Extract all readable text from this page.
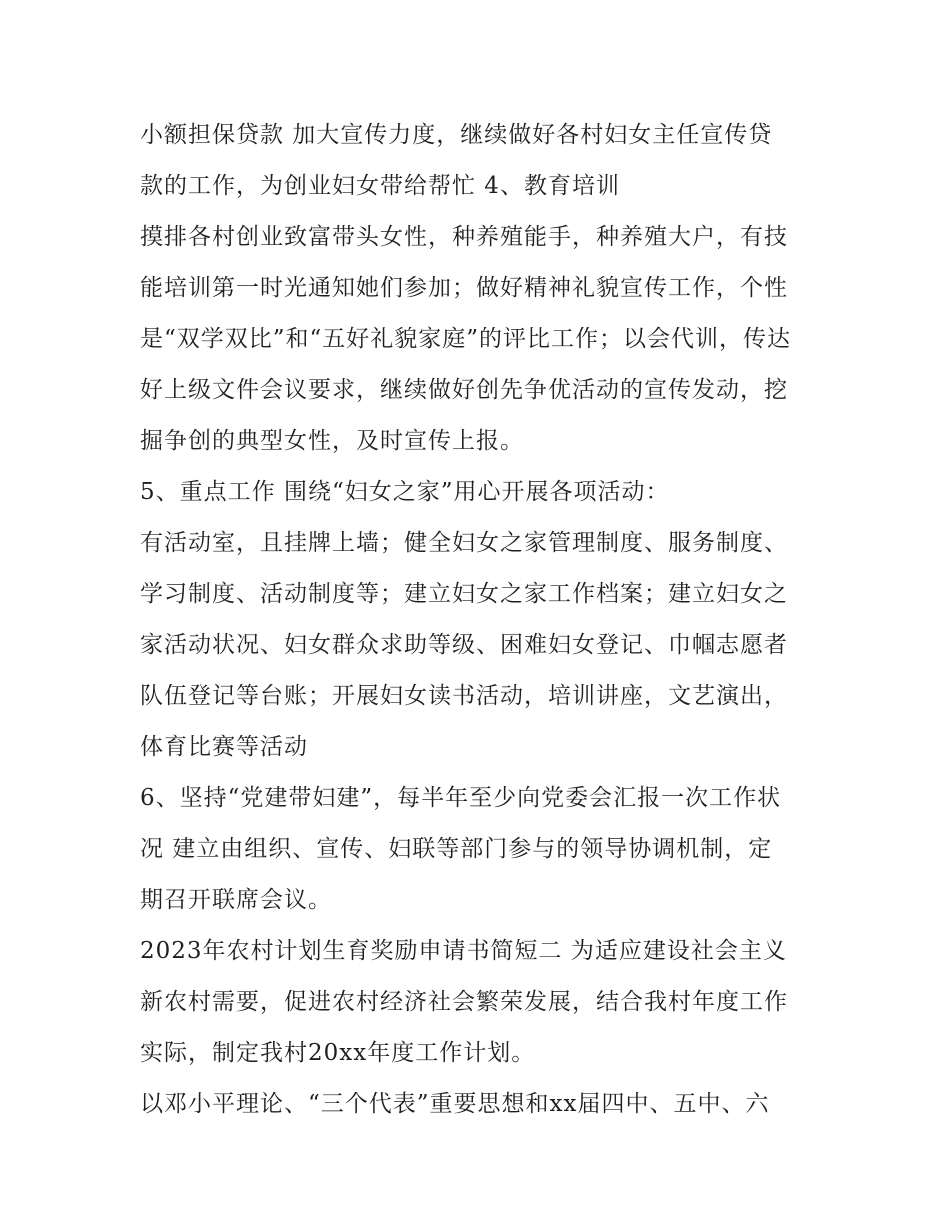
小额担保贷款 加大宣传力度，继续做好各村妇女主任宣传贷
款的工作，为创业妇女带给帮忙 4、教育培训
摸排各村创业致富带头女性，种养殖能手，种养殖大户，有技
能培训第一时光通知她们参加；做好精神礼貌宣传工作，个性
是“双学双比”和“五好礼貌家庭”的评比工作；以会代训，传达
好上级文件会议要求，继续做好创先争优活动的宣传发动，挖
掘争创的典型女性，及时宣传上报。
5、重点工作 围绕“妇女之家”用心开展各项活动：
有活动室，且挂牌上墙；健全妇女之家管理制度、服务制度、
学习制度、活动制度等；建立妇女之家工作档案；建立妇女之
家活动状况、妇女群众求助等级、困难妇女登记、巾帼志愿者
队伍登记等台账；开展妇女读书活动，培训讲座，文艺演出，
体育比赛等活动
6、坚持“党建带妇建”，每半年至少向党委会汇报一次工作状
况 建立由组织、宣传、妇联等部门参与的领导协调机制，定
期召开联席会议。
2023年农村计划生育奖励申请书简短二 为适应建设社会主义
新农村需要，促进农村经济社会繁荣发展，结合我村年度工作
实际，制定我村20xx年度工作计划。
以邓小平理论、“三个代表”重要思想和xx届四中、五中、六
